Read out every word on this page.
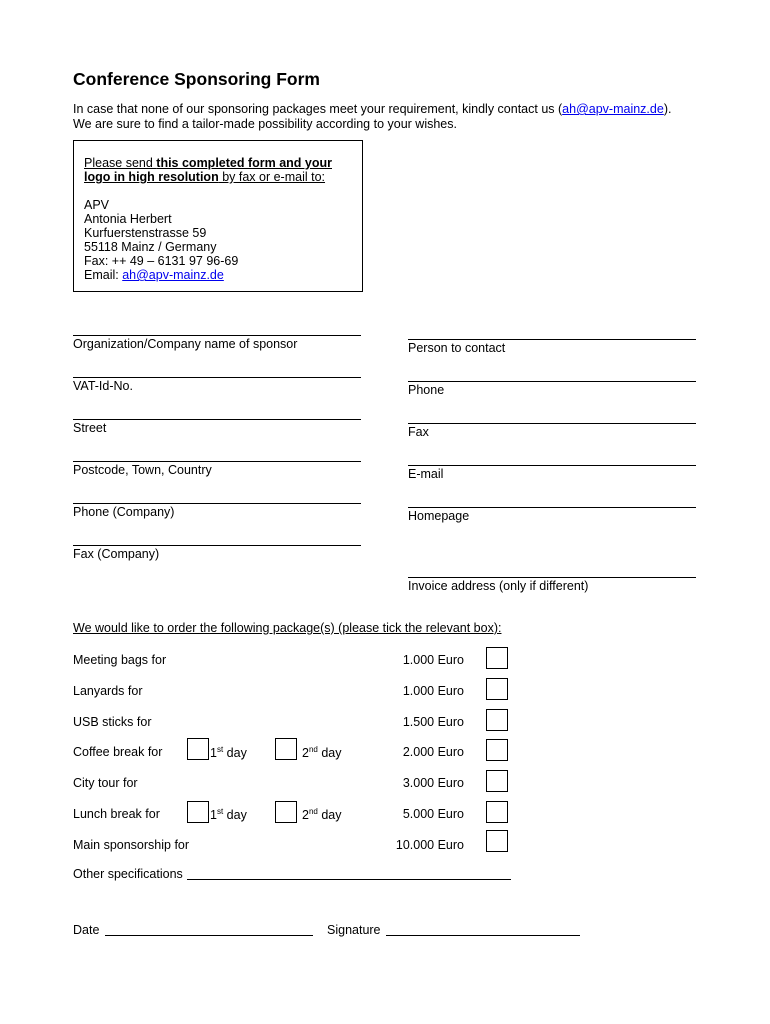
Conference Sponsoring Form
In case that none of our sponsoring packages meet your requirement, kindly contact us (ah@apv-mainz.de).
We are sure to find a tailor-made possibility according to your wishes.
Please send this completed form and your
logo in high resolution by fax or e-mail to:
APV
Antonia Herbert
Kurfuerstenstrasse 59
55118 Mainz / Germany
Fax: ++ 49 – 6131 97 96-69
Email: ah@apv-mainz.de
Organization/Company name of sponsor
VAT-Id-No.
Street
Postcode, Town, Country
Phone (Company)
Fax (Company)
Person to contact
Phone
Fax
E-mail
Homepage
Invoice address (only if different)
We would like to order the following package(s) (please tick the relevant box):
Meeting bags for	1.000 Euro
Lanyards for	1.000 Euro
USB sticks for	1.500 Euro
Coffee break for	1st day	2nd day	2.000 Euro
City tour for	3.000 Euro
Lunch break for	1st day	2nd day	5.000 Euro
Main sponsorship for	10.000 Euro
Other specifications
Date	Signature
